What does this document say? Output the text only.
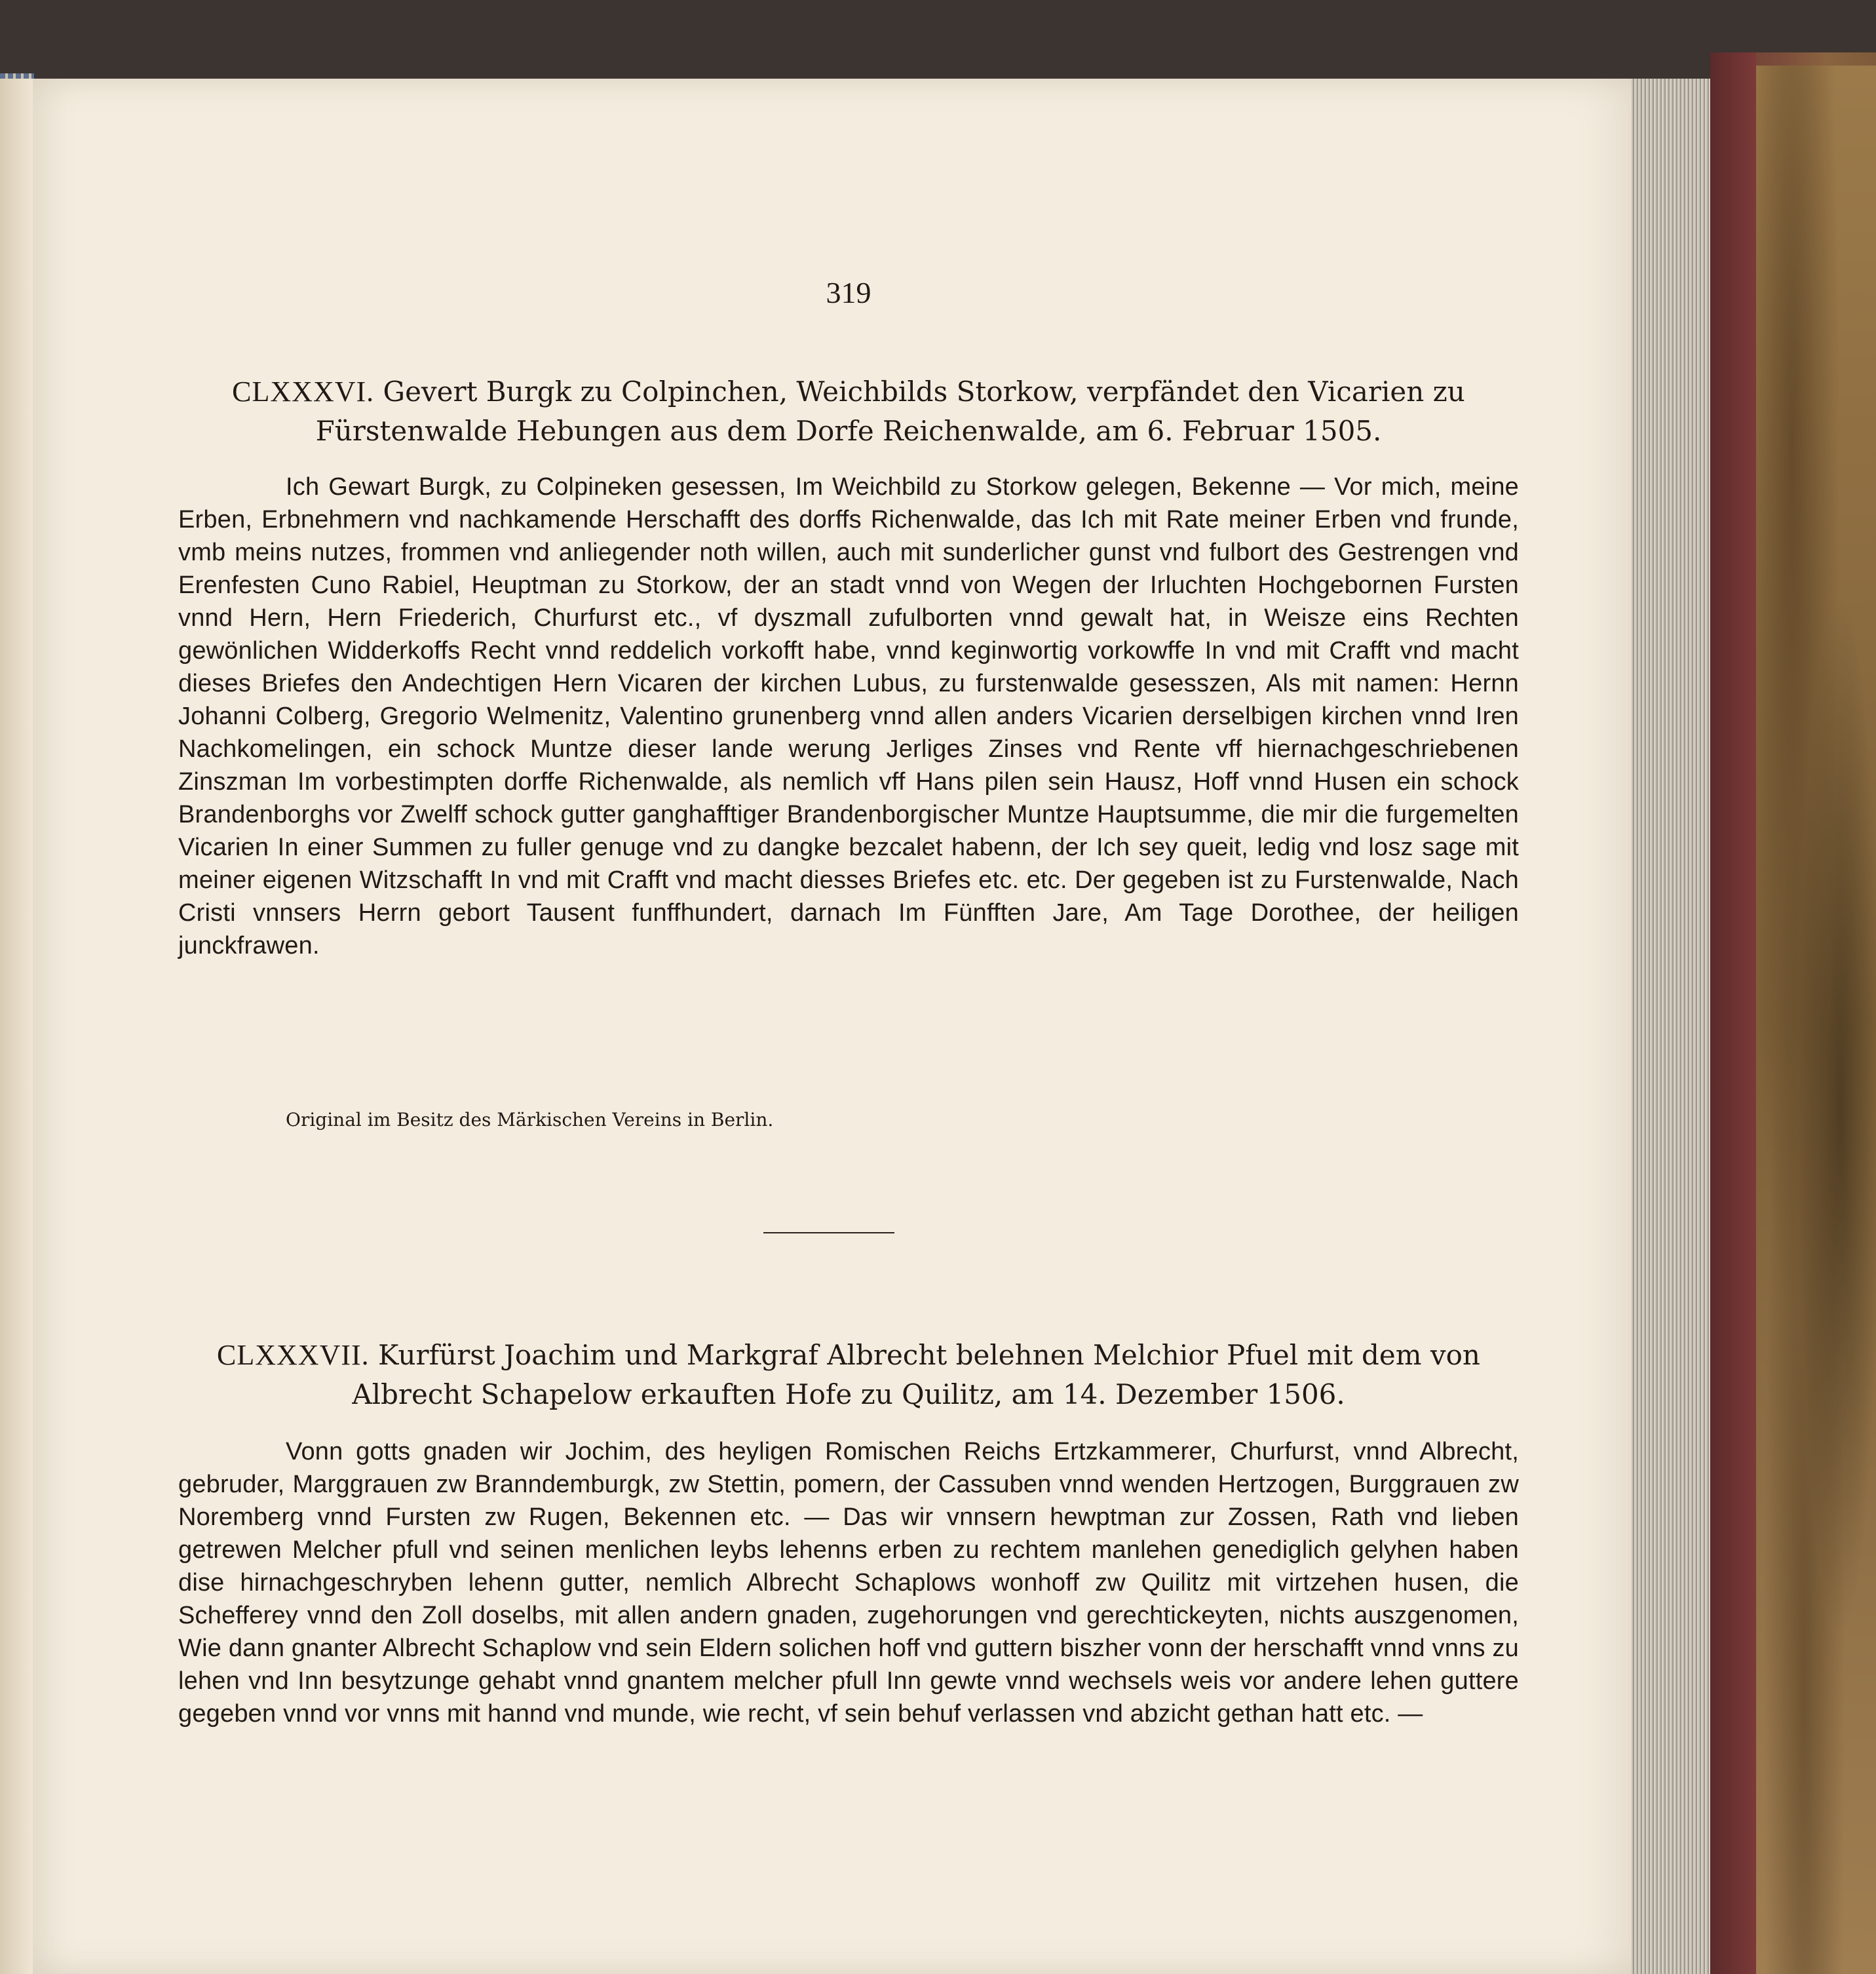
319
CLXXXVI. Gevert Burgk zu Colpinchen, Weichbilds Storkow, verpfändet den Vicarien zu Fürstenwalde Hebungen aus dem Dorfe Reichenwalde, am 6. Februar 1505.

Ich Gewart Burgk, zu Colpineken gesessen, Im Weichbild zu Storkow gelegen, Bekenne — Vor mich, meine Erben, Erbnehmern vnd nachkamende Herschafft des dorffs Richenwalde, das Ich mit Rate meiner Erben vnd frunde, vmb meins nutzes, frommen vnd anliegender noth willen, auch mit sunderlicher gunst vnd fulbort des Gestrengen vnd Erenfesten Cuno Rabiel, Heuptman zu Storkow, der an stadt vnnd von Wegen der Irluchten Hochgebornen Fursten vnnd Hern, Hern Friederich, Churfurst etc., vf dyszmall zufulborten vnnd gewalt hat, in Weisze eins Rechten gewönlichen Widderkoffs Recht vnnd reddelich vorkofft habe, vnnd keginwortig vorkowffe In vnd mit Crafft vnd macht dieses Briefes den Andechtigen Hern Vicaren der kirchen Lubus, zu furstenwalde gesesszen, Als mit namen: Hernn Johanni Colberg, Gregorio Welmenitz, Valentino grunenberg vnnd allen anders Vicarien derselbigen kirchen vnnd Iren Nachkomelingen, ein schock Muntze dieser lande werung Jerliges Zinses vnd Rente vff hiernachgeschriebenen Zinszman Im vorbestimpten dorffe Richenwalde, als nemlich vff Hans pilen sein Hausz, Hoff vnnd Husen ein schock Brandenborghs vor Zwelff schock gutter ganghafftiger Brandenborgischer Muntze Hauptsumme, die mir die furgemelten Vicarien In einer Summen zu fuller genuge vnd zu dangke bezcalet habenn, der Ich sey queit, ledig vnd losz sage mit meiner eigenen Witzschafft In vnd mit Crafft vnd macht diesses Briefes etc. etc. Der gegeben ist zu Furstenwalde, Nach Cristi vnnsers Herrn gebort Tausent funffhundert, darnach Im Fünfften Jare, Am Tage Dorothee, der heiligen junckfrawen.

Original im Besitz des Märkischen Vereins in Berlin.
CLXXXVII. Kurfürst Joachim und Markgraf Albrecht belehnen Melchior Pfuel mit dem von Albrecht Schapelow erkauften Hofe zu Quilitz, am 14. Dezember 1506.

Vonn gotts gnaden wir Jochim, des heyligen Romischen Reichs Ertzkammerer, Churfurst, vnnd Albrecht, gebruder, Marggrauen zw Branndemburgk, zw Stettin, pomern, der Cassuben vnnd wenden Hertzogen, Burggrauen zw Noremberg vnnd Fursten zw Rugen, Bekennen etc. — Das wir vnnsern hewptman zur Zossen, Rath vnd lieben getrewen Melcher pfull vnd seinen menlichen leybs lehenns erben zu rechtem manlehen genediglich gelyhen haben dise hirnachgeschryben lehenn gutter, nemlich Albrecht Schaplows wonhoff zw Quilitz mit virtzehen husen, die Schefferey vnnd den Zoll doselbs, mit allen andern gnaden, zugehorungen vnd gerechtickeyten, nichts auszgenomen, Wie dann gnanter Albrecht Schaplow vnd sein Eldern solichen hoff vnd guttern biszher vonn der herschafft vnnd vnns zu lehen vnd Inn besytzunge gehabt vnnd gnantem melcher pfull Inn gewte vnnd wechsels weis vor andere lehen guttere gegeben vnnd vor vnns mit hannd vnd munde, wie recht, vf sein behuf verlassen vnd abzicht gethan hatt etc. —
